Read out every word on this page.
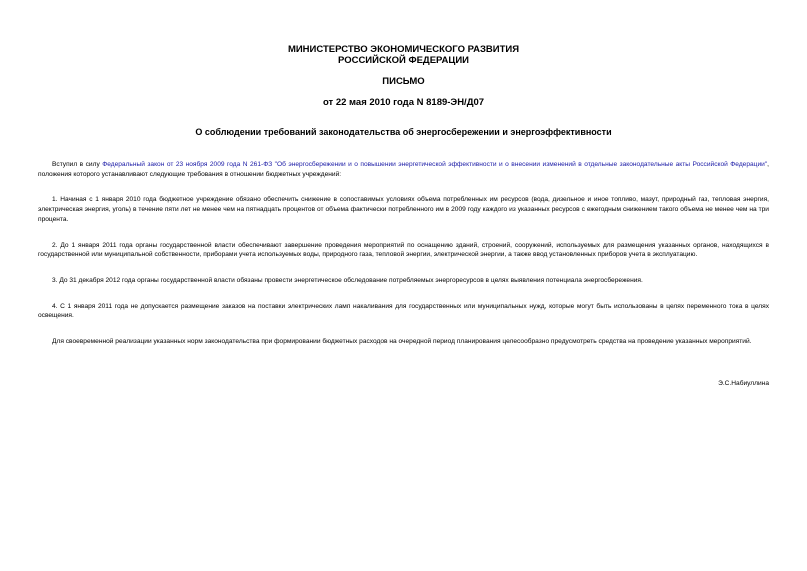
МИНИСТЕРСТВО ЭКОНОМИЧЕСКОГО РАЗВИТИЯ
РОССИЙСКОЙ ФЕДЕРАЦИИ
ПИСЬМО
от 22 мая 2010 года N 8189-ЭН/Д07
О соблюдении требований законодательства об энергосбережении и энергоэффективности

Вступил в силу Федеральный закон от 23 ноября 2009 года N 261-ФЗ "Об энергосбережении и о повышении энергетической эффективности и о внесении изменений в отдельные законодательные акты Российской Федерации", положения которого устанавливают следующие требования в отношении бюджетных учреждений:

1. Начиная с 1 января 2010 года бюджетное учреждение обязано обеспечить снижение в сопоставимых условиях объема потребленных им ресурсов (вода, дизельное и иное топливо, мазут, природный газ, тепловая энергия, электрическая энергия, уголь) в течение пяти лет не менее чем на пятнадцать процентов от объема фактически потребленного им в 2009 году каждого из указанных ресурсов с ежегодным снижением такого объема не менее чем на три процента.

2. До 1 января 2011 года органы государственной власти обеспечивают завершение проведения мероприятий по оснащению зданий, строений, сооружений, используемых для размещения указанных органов, находящихся в государственной или муниципальной собственности, приборами учета используемых воды, природного газа, тепловой энергии, электрической энергии, а также ввод установленных приборов учета в эксплуатацию.

3. До 31 декабря 2012 года органы государственной власти обязаны провести энергетическое обследование потребляемых энергоресурсов в целях выявления потенциала энергосбережения.

4. С 1 января 2011 года не допускается размещение заказов на поставки электрических ламп накаливания для государственных или муниципальных нужд, которые могут быть использованы в целях переменного тока в целях освещения.

Для своевременной реализации указанных норм законодательства при формировании бюджетных расходов на очередной период планирования целесообразно предусмотреть средства на проведение указанных мероприятий.

Э.С.Набиуллина
